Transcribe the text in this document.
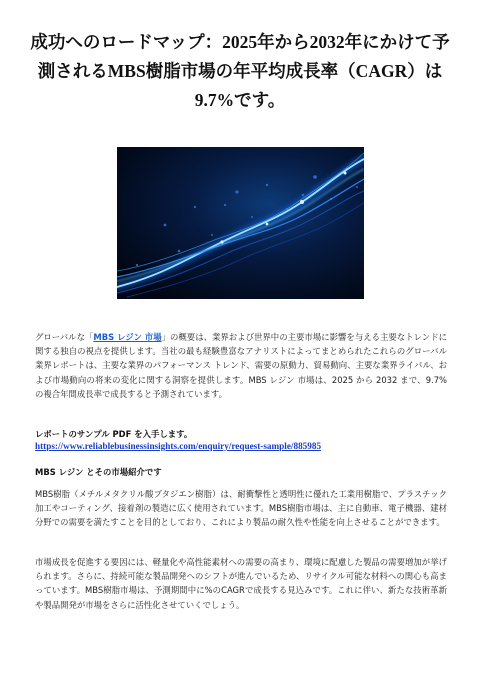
成功へのロードマップ：2025年から2032年にかけて予測されるMBS樹脂市場の年平均成長率（CAGR）は9.7%です。

グローバルな「MBS レジン 市場」の概要は、業界および世界中の主要市場に影響を与える主要なトレンドに関する独自の視点を提供します。当社の最も経験豊富なアナリストによってまとめられたこれらのグローバル業界レポートは、主要な業界のパフォーマンス トレンド、需要の原動力、貿易動向、主要な業界ライバル、および市場動向の将来の変化に関する洞察を提供します。MBS レジン 市場は、2025 から 2032 まで、9.7% の複合年間成長率で成長すると予測されています。

レポートのサンプル PDF を入手します。

https://www.reliablebusinessinsights.com/enquiry/request-sample/885985

MBS レジン とその市場紹介です

MBS樹脂（メチルメタクリル酸ブタジエン樹脂）は、耐衝撃性と透明性に優れた工業用樹脂で、プラスチック加工やコーティング、接着剤の製造に広く使用されています。MBS樹脂市場は、主に自動車、電子機器、建材分野での需要を満たすことを目的としており、これにより製品の耐久性や性能を向上させることができます。

市場成長を促進する要因には、軽量化や高性能素材への需要の高まり、環境に配慮した製品の需要増加が挙げられます。さらに、持続可能な製品開発へのシフトが進んでいるため、リサイクル可能な材料への関心も高まっています。MBS樹脂市場は、予測期間中に%のCAGRで成長する見込みです。これに伴い、新たな技術革新や製品開発が市場をさらに活性化させていくでしょう。
